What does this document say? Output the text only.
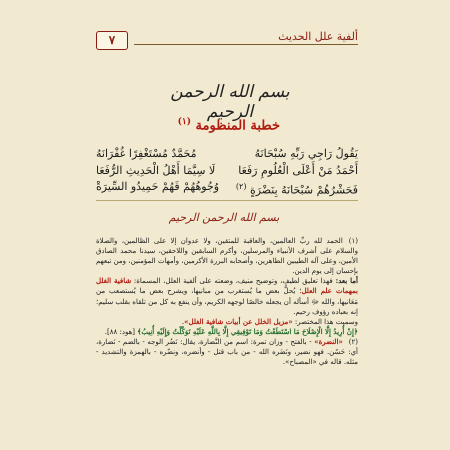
٧	ألفية علل الحديث
بسم الله الرحمن الرحيم
خطبة المنظومة $^{(١)}$
يَقُولُ رَاجِي رَبِّهِ سُبْحَانَهُ
مُحَمَّدٌ مُسْتَغْفِرًا غُفْرَانَهُ
أَحْمَدُ مَنْ أَعْلَى الْعُلُومِ رَفَعَا
لَا سِيَّمَا أَهْلُ الْحَدِيثِ الرُّفَعَا
فَحَشْرُهُمْ سُبْحَانَهُ بِنَضْرَةٍ $^{(٢)}$
وُجُوهُهُمْ فَهُمْ حَمِيدُو السِّيرَةْ
بسم الله الرحمن الرحيم

(١)الحمد لله ربِّ العالمين، والعاقبة للمتقين، ولا عدوان إلا على الظالمين، والصلاة والسلام على أشرف الأنبياء والمرسلين، وأكرم السابقين واللاحقين، سيدنا محمد الصادق الأمين، وعلى آله الطيبين الطاهرين، وأصحابه البررة الأكرمين، وأمهات المؤمنين، ومن تبعهم بإحسان إلى يوم الدين.

أما بعد: فهذا تعليق لطيف، وتوضيح منيف، وضعته على ألفية العلل، المسماة: شافية الغلل بمهمات علم العلل؛ يُحلُّ بعض ما يُستغرب من مبانيها، ويشرح بعض ما يُستصعب من مَعَانيها، والله ﷻ أسأله أن يجعله خالصًا لوجهه الكريم، وأن ينفع به كل من تلقاه بقلب سليم؛ إنه بعباده رؤوف رحيم.

وسميت هذا المختصر: «مزيل الخلل عن أبيات شافية الغلل».

﴿إِنْ أُرِيدُ إِلَّا الْإِصْلَاحَ مَا اسْتَطَعْتُ وَمَا تَوْفِيقِي إِلَّا بِاللَّهِ عَلَيْهِ تَوَكَّلْتُ وَإِلَيْهِ أُنِيبُ﴾ [هود: ٨٨].

(٢)«النضرة» - بالفتح - وزان تمرة: اسم من النَّضارة، يقال: نَضُر الوجه - بالضم - نَضارة، أي: حَسُن. فهو نضير، ونَضَره الله - من باب قتل - وأنضره، ونضّره - بالهمزة والتشديد - مثله. قاله في «المصباح».
